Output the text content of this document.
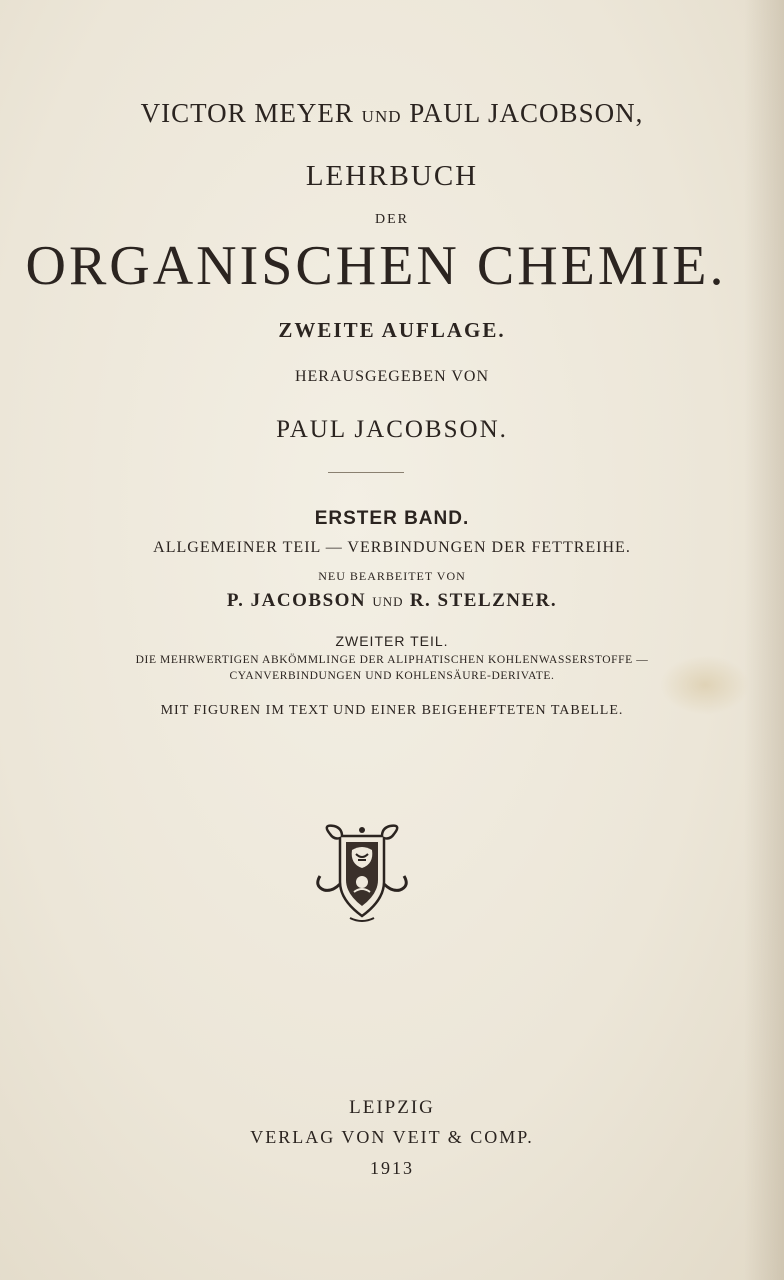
VICTOR MEYER UND PAUL JACOBSON,
LEHRBUCH
DER
ORGANISCHEN CHEMIE.
ZWEITE AUFLAGE.
HERAUSGEGEBEN VON
PAUL JACOBSON.
ERSTER BAND.
ALLGEMEINER TEIL — VERBINDUNGEN DER FETTREIHE.
NEU BEARBEITET VON
P. JACOBSON UND R. STELZNER.
ZWEITER TEIL.
DIE MEHRWERTIGEN ABKÖMMLINGE DER ALIPHATISCHEN KOHLENWASSERSTOFFE —
CYANVERBINDUNGEN UND KOHLENSÄURE-DERIVATE.
MIT FIGUREN IM TEXT UND EINER BEIGEHEFTETEN TABELLE.
LEIPZIG
VERLAG VON VEIT & COMP.
1913
